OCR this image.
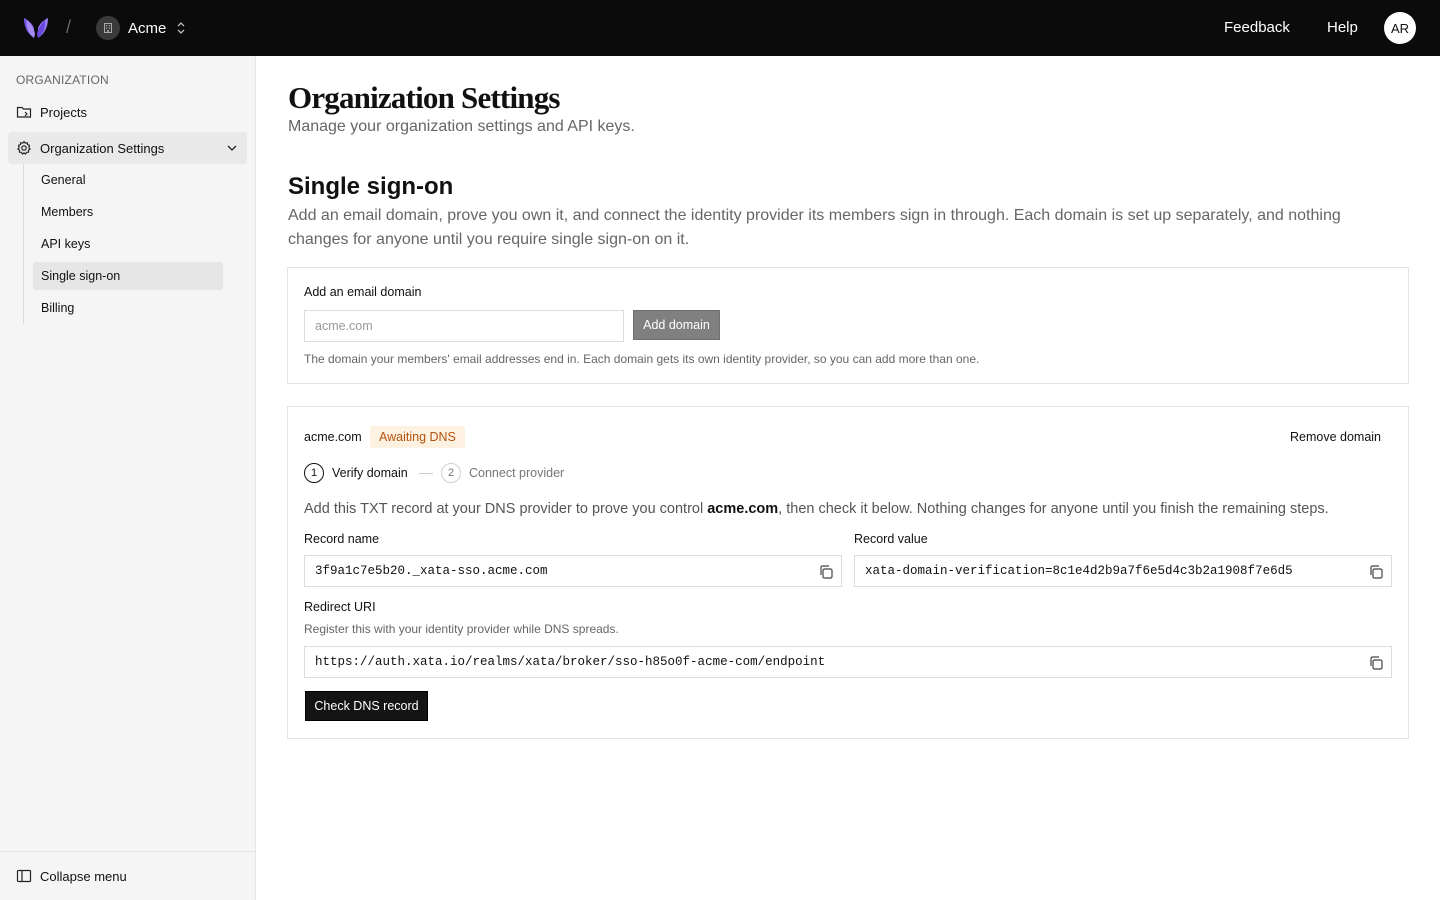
/	Acme	Feedback Help	AR
ORGANIZATION
Projects
Organization Settings
General
Members
API keys
Single sign-on
Billing
Collapse menu
Organization Settings

Manage your organization settings and API keys.

Single sign-on

Add an email domain, prove you own it, and connect the identity provider its members sign in through. Each domain is set up separately, and nothing changes for anyone until you require single sign-on on it.

Add an email domain
acme.com	Add domain
The domain your members' email addresses end in. Each domain gets its own identity provider, so you can add more than one.
acme.com	Awaiting DNS	Remove domain
1	Verify domain	2	Connect provider

Add this TXT record at your DNS provider to prove you control acme.com, then check it below. Nothing changes for anyone until you finish the remaining steps.

Record name
3f9a1c7e5b20._xata-sso.acme.com
Record value
xata-domain-verification=8c1e4d2b9a7f6e5d4c3b2a1908f7e6d5
Redirect URI
Register this with your identity provider while DNS spreads.
https://auth.xata.io/realms/xata/broker/sso-h85o0f-acme-com/endpoint
Check DNS record
